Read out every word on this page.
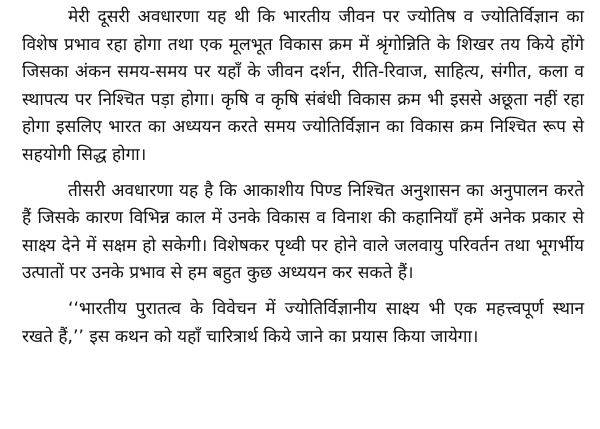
मेरी दूसरी अवधारणा यह थी कि भारतीय जीवन पर ज्योतिष व ज्योतिर्विज्ञान का विशेष प्रभाव रहा होगा तथा एक मूलभूत विकास क्रम में श्रृंगोन्निति के शिखर तय किये होंगे जिसका अंकन समय-समय पर यहाँ के जीवन दर्शन, रीति-रिवाज, साहित्य, संगीत, कला व स्थापत्य पर निश्चित पड़ा होगा। कृषि व कृषि संबंधी विकास क्रम भी इससे अछूता नहीं रहा होगा इसलिए भारत का अध्ययन करते समय ज्योतिर्विज्ञान का विकास क्रम निश्चित रूप से सहयोगी सिद्ध होगा।

तीसरी अवधारणा यह है कि आकाशीय पिण्ड निश्चित अनुशासन का अनुपालन करते हैं जिसके कारण विभिन्न काल में उनके विकास व विनाश की कहानियाँ हमें अनेक प्रकार से साक्ष्य देने में सक्षम हो सकेगी। विशेषकर पृथ्वी पर होने वाले जलवायु परिवर्तन तथा भूगर्भीय उत्पातों पर उनके प्रभाव से हम बहुत कुछ अध्ययन कर सकते हैं।

‘‘भारतीय पुरातत्व के विवेचन में ज्योतिर्विज्ञानीय साक्ष्य भी एक महत्त्वपूर्ण स्थान रखते हैं,’’ इस कथन को यहाँ चारित्रार्थ किये जाने का प्रयास किया जायेगा।
